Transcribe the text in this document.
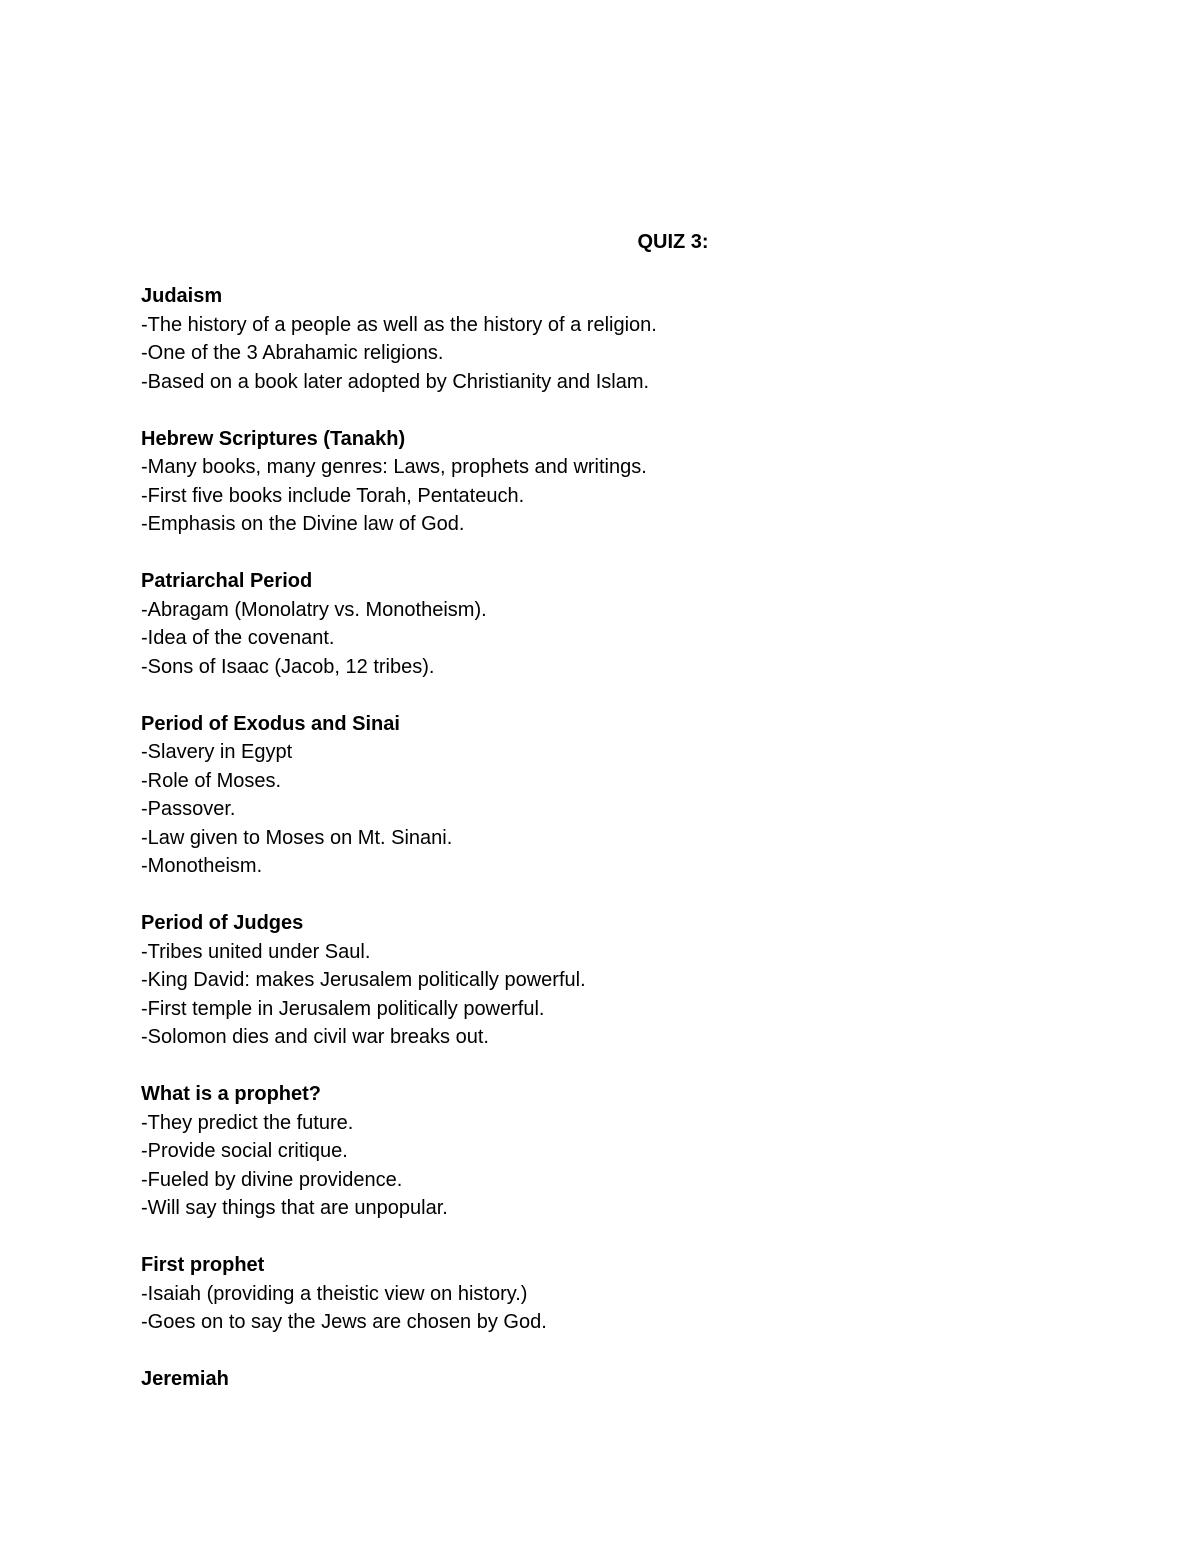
QUIZ 3:
Judaism
-The history of a people as well as the history of a religion.
-One of the 3 Abrahamic religions.
-Based on a book later adopted by Christianity and Islam.
Hebrew Scriptures (Tanakh)
-Many books, many genres: Laws, prophets and writings.
-First five books include Torah, Pentateuch.
-Emphasis on the Divine law of God.
Patriarchal Period
-Abragam (Monolatry vs. Monotheism).
-Idea of the covenant.
-Sons of Isaac (Jacob, 12 tribes).
Period of Exodus and Sinai
-Slavery in Egypt
-Role of Moses.
-Passover.
-Law given to Moses on Mt. Sinani.
-Monotheism.
Period of Judges
-Tribes united under Saul.
-King David: makes Jerusalem politically powerful.
-First temple in Jerusalem politically powerful.
-Solomon dies and civil war breaks out.
What is a prophet?
-They predict the future.
-Provide social critique.
-Fueled by divine providence.
-Will say things that are unpopular.
First prophet
-Isaiah (providing a theistic view on history.)
-Goes on to say the Jews are chosen by God.
Jeremiah
